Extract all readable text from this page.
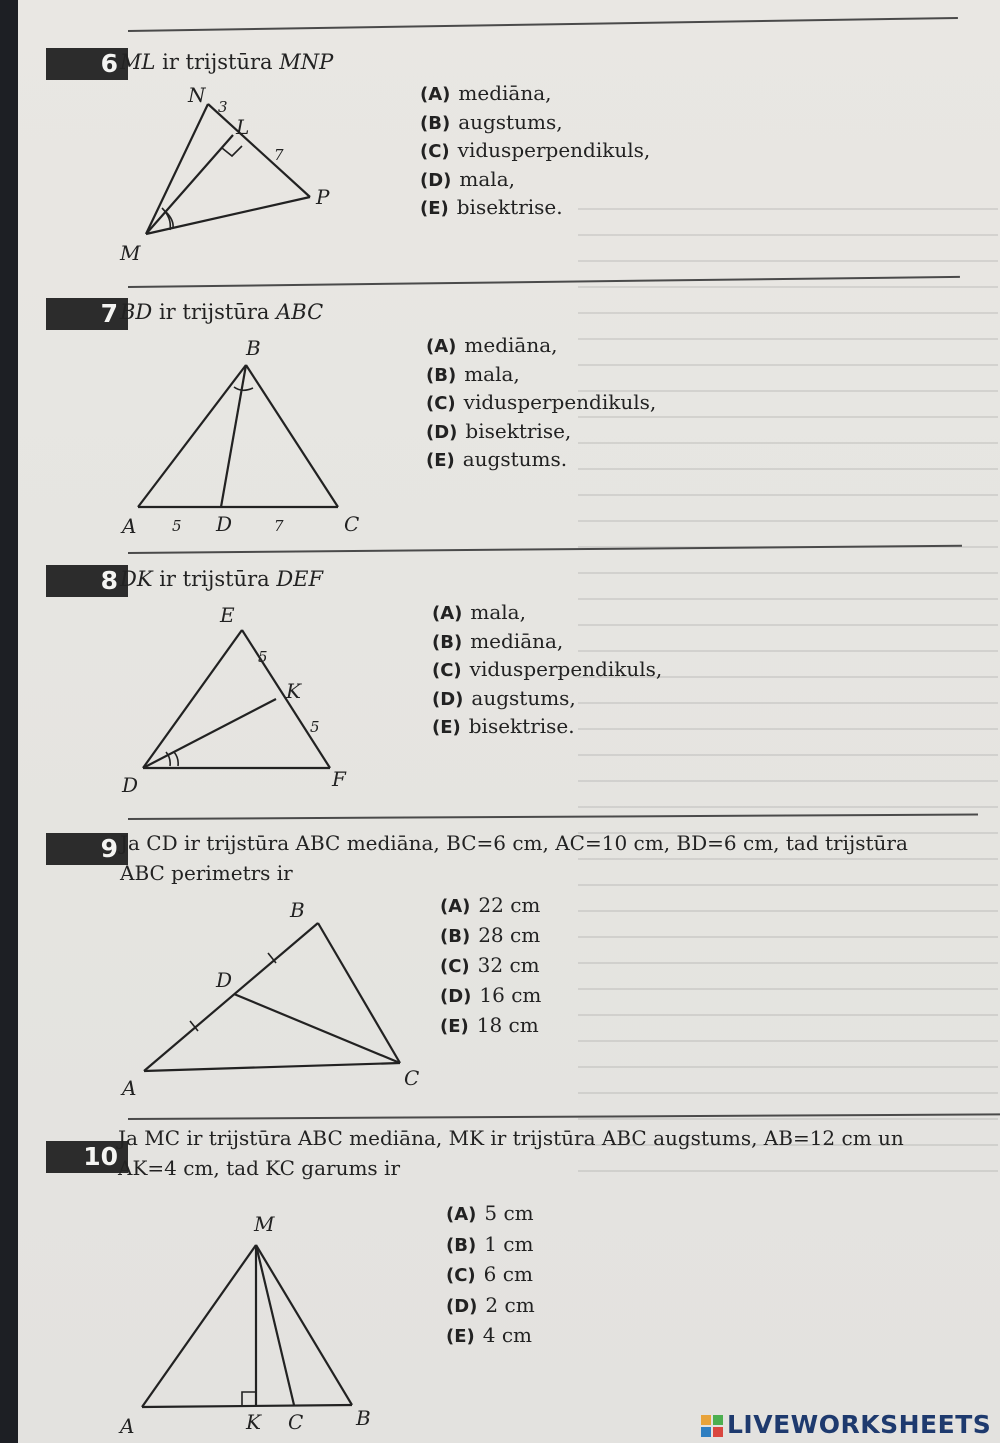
6 ML ir trijstūra MNP
N
L
P
M
3
7
(A) mediāna,
(B) augstums,
(C) vidusperpendikuls,
(D) mala,
(E) bisektrise.
7 BD ir trijstūra ABC
B
A	D	C
5	7
(A) mediāna,
(B) mala,
(C) vidusperpendikuls,
(D) bisektrise,
(E) augstums.
8 DK ir trijstūra DEF
E
K
D	F
5
5
(A) mala,
(B) mediāna,
(C) vidusperpendikuls,
(D) augstums,
(E) bisektrise.
9 Ja CD ir trijstūra ABC mediāna, BC=6 cm, AC=10 cm, BD=6 cm, tad trijstūra
ABC perimetrs ir
B
D
A	C
(A) 22 cm
(B) 28 cm
(C) 32 cm
(D) 16 cm
(E) 18 cm
10
Ja MC ir trijstūra ABC mediāna, MK ir trijstūra ABC augstums, AB=12 cm un
AK=4 cm, tad KC garums ir
M
A	K C	B
(A) 5 cm
(B) 1 cm
(C) 6 cm
(D) 2 cm
(E) 4 cm
LIVEWORKSHEETS
